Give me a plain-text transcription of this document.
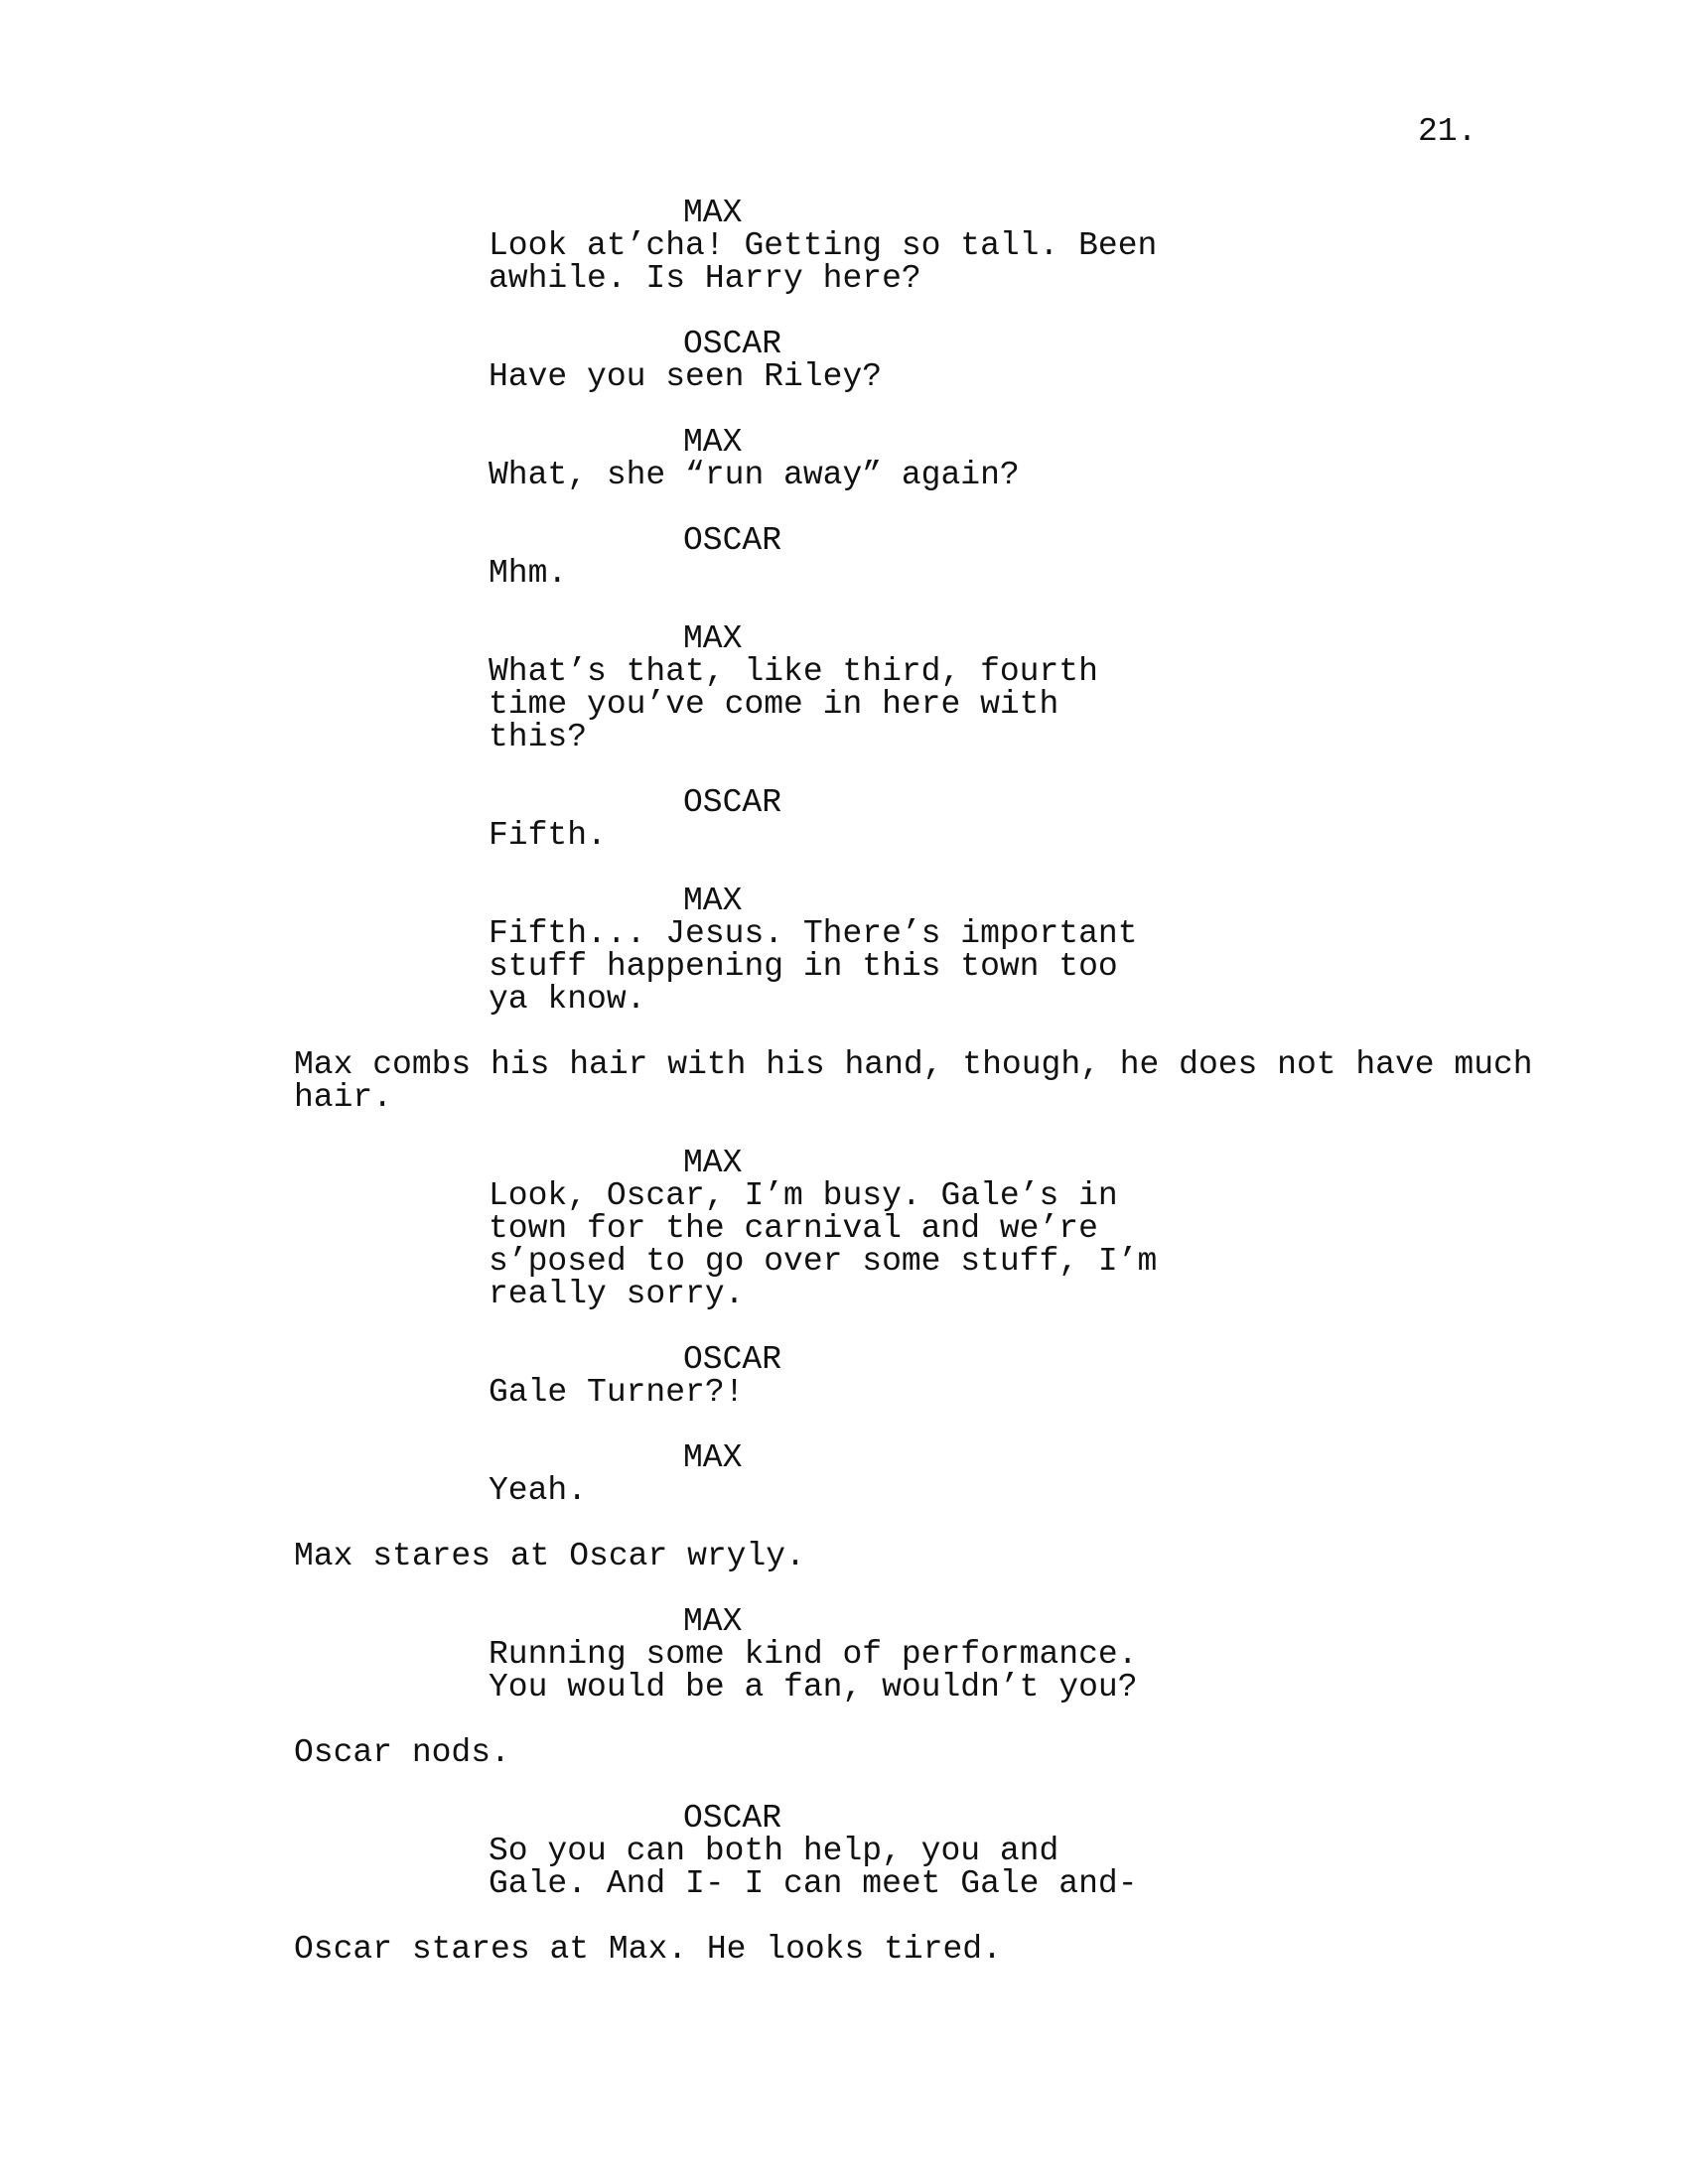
21.
MAX
Look at’cha! Getting so tall. Been
awhile. Is Harry here?
OSCAR
Have you seen Riley?
MAX
What, she “run away” again?
OSCAR
Mhm.
MAX
What’s that, like third, fourth
time you’ve come in here with
this?
OSCAR
Fifth.
MAX
Fifth... Jesus. There’s important
stuff happening in this town too
ya know.
Max combs his hair with his hand, though, he does not have much
hair.
MAX
Look, Oscar, I’m busy. Gale’s in
town for the carnival and we’re
s’posed to go over some stuff, I’m
really sorry.
OSCAR
Gale Turner?!
MAX
Yeah.
Max stares at Oscar wryly.
MAX
Running some kind of performance.
You would be a fan, wouldn’t you?
Oscar nods.
OSCAR
So you can both help, you and
Gale. And I- I can meet Gale and-
Oscar stares at Max. He looks tired.
